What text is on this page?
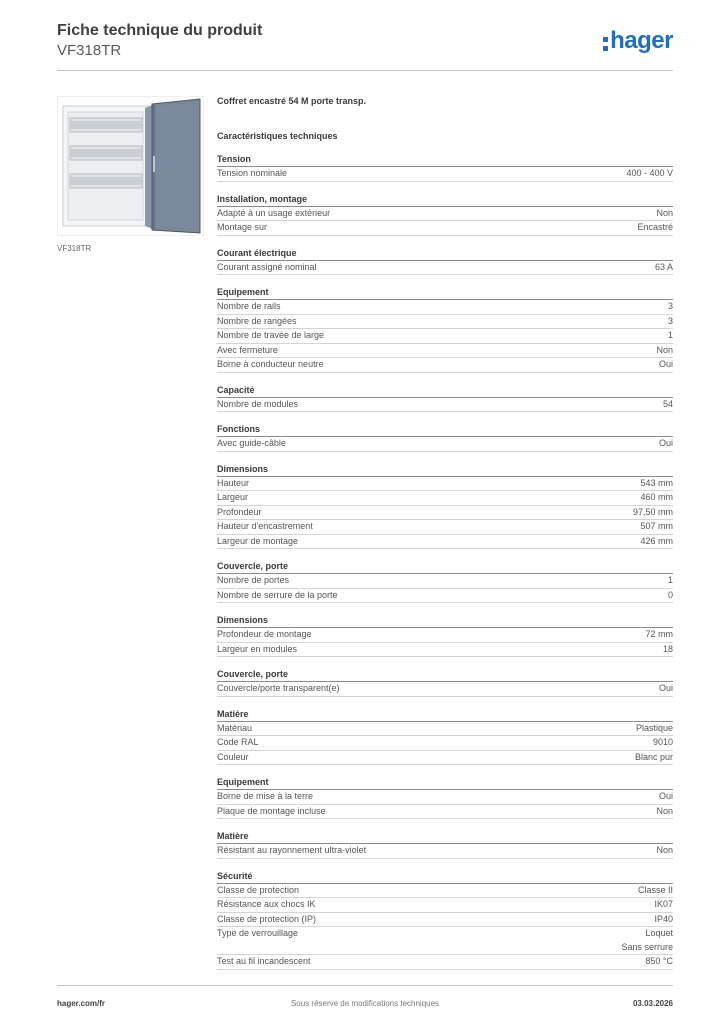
Fiche technique du produit
VF318TR	hager
VF318TR
Coffret encastré 54 M porte transp.
Caractéristiques techniques
Tension
Tension nominale	400 - 400 V
Installation, montage
Adapté à un usage extérieur	Non
Montage sur	Encastré
Courant électrique
Courant assigné nominal	63 A
Equipement
Nombre de rails	3
Nombre de rangées	3
Nombre de travée de large	1
Avec fermeture	Non
Borne à conducteur neutre	Oui
Capacité
Nombre de modules	54
Fonctions
Avec guide-câble	Oui
Dimensions
Hauteur	543 mm
Largeur	460 mm
Profondeur	97,50 mm
Hauteur d'encastrement	507 mm
Largeur de montage	426 mm
Couvercle, porte
Nombre de portes	1
Nombre de serrure de la porte	0
Dimensions
Profondeur de montage	72 mm
Largeur en modules	18
Couvercle, porte
Couvercle/porte transparent(e)	Oui
Matière
Matériau	Plastique
Code RAL	9010
Couleur	Blanc pur
Equipement
Borne de mise à la terre	Oui
Plaque de montage incluse	Non
Matière
Résistant au rayonnement ultra-violet	Non
Sécurité
Classe de protection	Classe II
Résistance aux chocs IK	IK07
Classe de protection (IP)	IP40
Type de verrouillage	Loquet
Sans serrure
Test au fil incandescent	850 °C
hager.com/fr	Sous réserve de modifications techniques	03.03.2026
